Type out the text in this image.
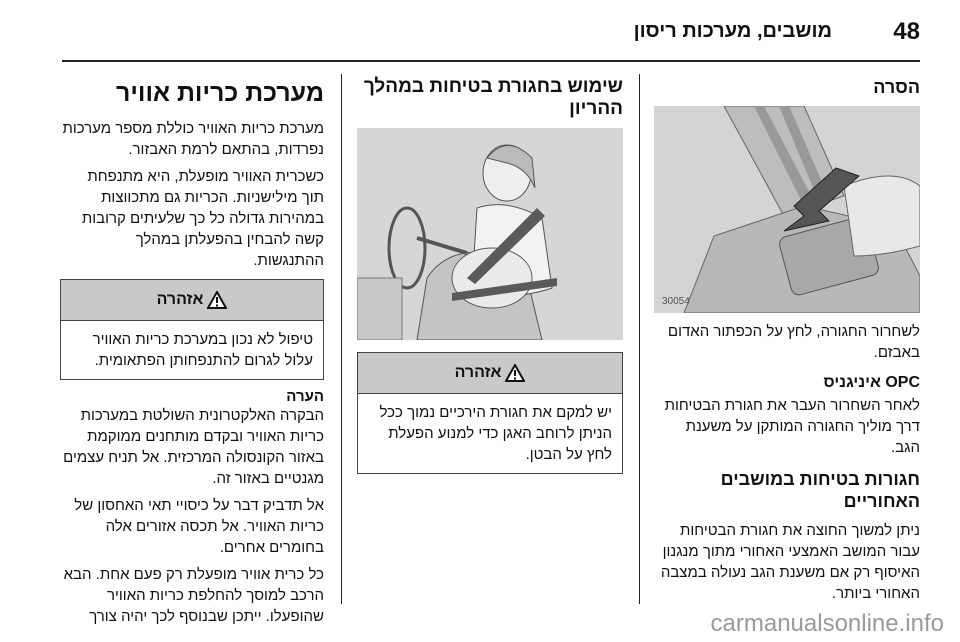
48
מושבים, מערכות ריסון
הסרה
30054

לשחרור החגורה, לחץ על הכפתור האדום באבזם.

OPC איניגניס

לאחר השחרור העבר את חגורת הבטיחות דרך מוליך החגורה המותקן על משענת הגב.

חגורות בטיחות במושבים האחוריים

ניתן למשוך החוצה את חגורת הבטיחות עבור המושב האמצעי האחורי מתוך מנגנון האיסוף רק אם משענת הגב נעולה במצבה האחורי ביותר.

שימוש בחגורת בטיחות במהלך ההריון
אזהרה
יש למקם את חגורת הירכיים נמוך ככל הניתן לרוחב האגן כדי למנוע הפעלת לחץ על הבטן.
מערכת כריות אוויר

מערכת כריות האוויר כוללת מספר מערכות נפרדות, בהתאם לרמת האבזור.

כשכרית האוויר מופעלת, היא מתנפחת תוך מילישניות. הכריות גם מתכווצות במהירות גדולה כל כך שלעיתים קרובות קשה להבחין בהפעלתן במהלך ההתנגשות.

אזהרה
טיפול לא נכון במערכת כריות האוויר עלול לגרום להתנפחותן הפתאומית.
הערה

הבקרה האלקטרונית השולטת במערכות כריות האוויר ובקדם מותחנים ממוקמת באזור הקונסולה המרכזית. אל תניח עצמים מגנטיים באזור זה.

אל תדביק דבר על כיסויי תאי האחסון של כריות האוויר. אל תכסה אזורים אלה בחומרים אחרים.

כל כרית אוויר מופעלת רק פעם אחת. הבא הרכב למוסך להחלפת כריות האוויר שהופעלו. ייתכן שבנוסף לכך יהיה צורך	carmanualsonline.info
